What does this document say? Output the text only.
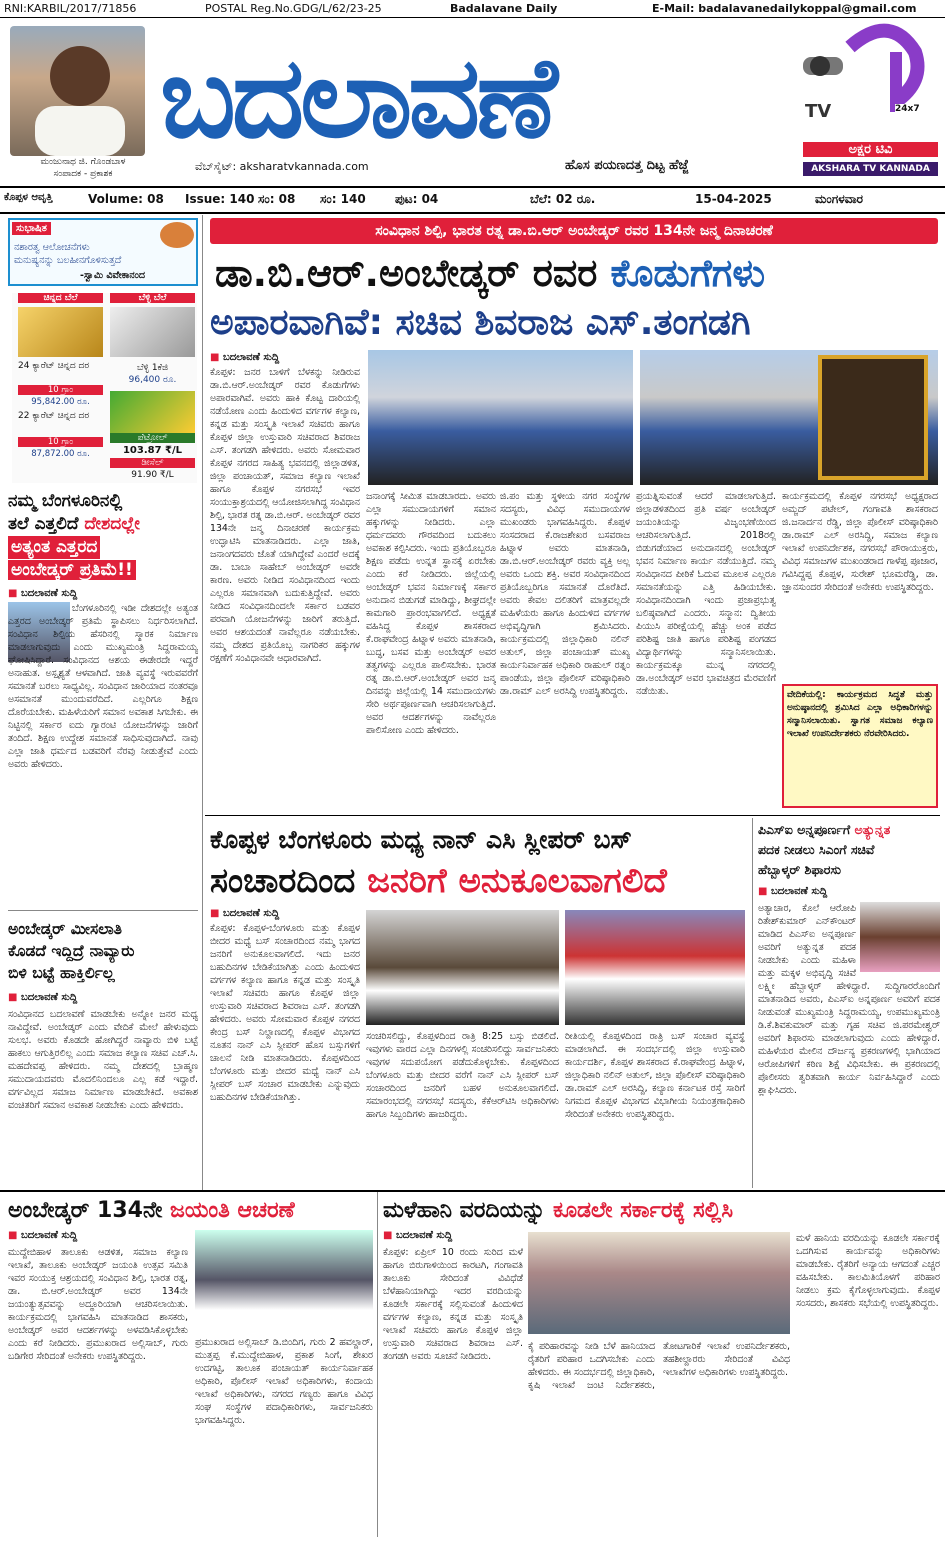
RNI:KARBIL/2017/71856	POSTAL Reg.No.GDG/L/62/23-25	Badalavane Daily	E-Mail: badalavanedailykoppal@gmail.com
ಮಂಜುನಾಥ ಜಿ. ಗೊಂಡಬಾಳ
ಸಂಪಾದಕ - ಪ್ರಕಾಶಕ
ಬದಲಾವಣೆ
ವೆಬ್‌ಸೈಟ್: aksharatvkannada.com	ಹೊಸ ಪಯಣದತ್ತ ದಿಟ್ಟ ಹೆಜ್ಜೆ
TV	24x7
ಅಕ್ಷರ ಟಿವಿ
AKSHARA TV KANNADA
ಕೊಪ್ಪಳ ಆವೃತ್ತಿ	Volume: 08 Issue: 140 ಸಂ: 08 ಸಂ: 140 ಪುಟ: 04	ಬೆಲೆ: 02 ರೂ.	15-04-2025	ಮಂಗಳವಾರ
ಸುಭಾಷಿತ
ನಶಾರತ್ವ ಆಲೋಚನೆಗಳು
ಮನುಷ್ಯನನ್ನು ಬಲಹೀನಗೊಳಿಸುತ್ತದೆ
-ಸ್ವಾಮಿ ವಿವೇಕಾನಂದ
ಚಿನ್ನದ ಬೆಲೆ	ಬೆಳ್ಳಿ ಬೆಲೆ
24 ಕ್ಯಾರೆಟ್ ಚಿನ್ನದ ದರ
10 ಗ್ರಾಂ
95,842.00 ರೂ.
22 ಕ್ಯಾರೆಟ್ ಚಿನ್ನದ ದರ
10 ಗ್ರಾಂ
87,872.00 ರೂ.
ಬೆಳ್ಳಿ 1ಕೆಜಿ
96,400 ರೂ.
ಪೆಟ್ರೋಲ್
103.87 ₹/L
ಡೀಸೆಲ್
91.90 ₹/L
ನಮ್ಮ ಬೆಂಗಳೂರಿನಲ್ಲಿ
ತಲೆ ಎತ್ತಲಿದೆ ದೇಶದಲ್ಲೇ
ಅತ್ಯಂತ ಎತ್ತರದ
ಅಂಬೇಡ್ಕರ್ ಪ್ರತಿಮೆ!!
■ ಬದಲಾವಣೆ ಸುದ್ದಿ
ಬೆಂಗಳೂರಿನಲ್ಲಿ ಇಡೀ ದೇಶದಲ್ಲೇ ಅತ್ಯಂತ ಎತ್ತರದ ಅಂಬೇಡ್ಕರ್ ಪ್ರತಿಮೆ ಸ್ಥಾಪಿಸಲು ನಿರ್ಧರಿಸಲಾಗಿದೆ. ಸಂವಿಧಾನ ಶಿಲ್ಪಿಯ ಹೆಸರಿನಲ್ಲಿ ಸ್ಮಾರಕ ನಿರ್ಮಾಣ ಮಾಡಲಾಗುವುದು ಎಂದು ಮುಖ್ಯಮಂತ್ರಿ ಸಿದ್ದರಾಮಯ್ಯ ಘೋಷಿಸಿದ್ದಾರೆ. ಸಂವಿಧಾನದ ಆಶಯ ಈಡೇರದೇ ಇದ್ದರೆ ಅನಾಹುತ. ಅಸ್ಪೃಶ್ಯತೆ ಆಳವಾಗಿದೆ. ಜಾತಿ ವ್ಯವಸ್ಥೆ ಇರುವವರೆಗೆ ಸಮಾನತೆ ಬರಲು ಸಾಧ್ಯವಿಲ್ಲ. ಸಂವಿಧಾನ ಜಾರಿಯಾದ ನಂತರವೂ ಅಸಮಾನತೆ ಮುಂದುವರೆದಿದೆ. ಎಲ್ಲರಿಗೂ ಶಿಕ್ಷಣ ದೊರೆಯಬೇಕು. ಮಹಿಳೆಯರಿಗೆ ಸಮಾನ ಅವಕಾಶ ಸಿಗಬೇಕು. ಈ ನಿಟ್ಟಿನಲ್ಲಿ ಸರ್ಕಾರ ಐದು ಗ್ಯಾರಂಟಿ ಯೋಜನೆಗಳನ್ನು ಜಾರಿಗೆ ತಂದಿದೆ. ಶಿಕ್ಷಣ ಉದ್ದೇಶ ಸಮಾನತೆ ಸಾಧಿಸುವುದಾಗಿದೆ. ನಾವು ಎಲ್ಲಾ ಜಾತಿ ಧರ್ಮದ ಬಡವರಿಗೆ ನೆರವು ನೀಡುತ್ತೇವೆ ಎಂದು ಅವರು ಹೇಳಿದರು.
ಅಂಬೇಡ್ಕರ್ ಮೀಸಲಾತಿ
ಕೊಡದೆ ಇದ್ದಿದ್ರೆ ನಾವ್ಯಾರು
ಬಿಳಿ ಬಟ್ಟೆ ಹಾಕ್ತಿರ್ಲಿಲ್ಲ
■ ಬದಲಾವಣೆ ಸುದ್ದಿ
ಸಂವಿಧಾನದ ಬದಲಾವಣೆ ಮಾಡಬೇಕು ಅನ್ನೋ ಜನರ ಮಧ್ಯ ನಾವಿದ್ದೇವೆ. ಅಂಬೇಡ್ಕರ್ ಎಂದು ವೇದಿಕೆ ಮೇಲೆ ಹೇಳುವುದು ಸುಲಭ. ಅವರು ಕೊಡದೇ ಹೋಗಿದ್ದರೆ ನಾವ್ಯಾರು ಬಿಳಿ ಬಟ್ಟೆ ಹಾಕಲು ಆಗುತ್ತಿರಲಿಲ್ಲ ಎಂದು ಸಮಾಜ ಕಲ್ಯಾಣ ಸಚಿವ ಎಚ್.ಸಿ. ಮಹದೇವಪ್ಪ ಹೇಳಿದರು. ನಮ್ಮ ದೇಶದಲ್ಲಿ ಬ್ರಾಹ್ಮಣ ಸಮುದಾಯದವರು ಮೊದಲಿನಿಂದಲೂ ಎಲ್ಲ ಕಡೆ ಇದ್ದಾರೆ. ವರ್ಗವಿಲ್ಲದ ಸಮಾಜ ನಿರ್ಮಾಣ ಮಾಡಬೇಕಿದೆ. ಅವಕಾಶ ವಂಚಿತರಿಗೆ ಸಮಾನ ಅವಕಾಶ ನೀಡಬೇಕು ಎಂದು ಹೇಳಿದರು.
ಸಂವಿಧಾನ ಶಿಲ್ಪಿ, ಭಾರತ ರತ್ನ ಡಾ.ಬಿ.ಆರ್ ಅಂಬೇಡ್ಕರ್ ರವರ 134ನೇ ಜನ್ಮ ದಿನಾಚರಣೆ
ಡಾ.ಬಿ.ಆರ್.ಅಂಬೇಡ್ಕರ್ ರವರ ಕೊಡುಗೆಗಳು
ಅಪಾರವಾಗಿವೆ: ಸಚಿವ ಶಿವರಾಜ ಎಸ್.ತಂಗಡಗಿ
■ ಬದಲಾವಣೆ ಸುದ್ದಿ
ಕೊಪ್ಪಳ: ಜನರ ಬಾಳಿಗೆ ಬೆಳಕನ್ನು ನೀಡಿರುವ ಡಾ.ಬಿ.ಆರ್.ಅಂಬೇಡ್ಕರ್ ರವರ ಕೊಡುಗೆಗಳು ಅಪಾರವಾಗಿವೆ. ಅವರು ಹಾಕಿ ಕೊಟ್ಟ ದಾರಿಯಲ್ಲಿ ನಡೆಯೋಣ ಎಂದು ಹಿಂದುಳಿದ ವರ್ಗಗಳ ಕಲ್ಯಾಣ, ಕನ್ನಡ ಮತ್ತು ಸಂಸ್ಕೃತಿ ಇಲಾಖೆ ಸಚಿವರು ಹಾಗೂ ಕೊಪ್ಪಳ ಜಿಲ್ಲಾ ಉಸ್ತುವಾರಿ ಸಚಿವರಾದ ಶಿವರಾಜ ಎಸ್. ತಂಗಡಗಿ ಹೇಳಿದರು. ಅವರು ಸೋಮವಾರ ಕೊಪ್ಪಳ ನಗರದ ಸಾಹಿತ್ಯ ಭವನದಲ್ಲಿ ಜಿಲ್ಲಾಡಳಿತ, ಜಿಲ್ಲಾ ಪಂಚಾಯತ್, ಸಮಾಜ ಕಲ್ಯಾಣ ಇಲಾಖೆ ಹಾಗೂ ಕೊಪ್ಪಳ ನಗರಸಭೆ ಇವರ ಸಂಯುಕ್ತಾಶ್ರಯದಲ್ಲಿ ಆಯೋಜಿಸಲಾಗಿದ್ದ ಸಂವಿಧಾನ ಶಿಲ್ಪಿ, ಭಾರತ ರತ್ನ ಡಾ.ಬಿ.ಆರ್. ಅಂಬೇಡ್ಕರ್ ರವರ 134ನೇ ಜನ್ಮ ದಿನಾಚರಣೆ ಕಾರ್ಯಕ್ರಮ ಉದ್ಘಾಟಿಸಿ ಮಾತನಾಡಿದರು. ಎಲ್ಲಾ ಜಾತಿ, ಜನಾಂಗದವರು ಜೊತೆ ಯಾಗಿದ್ದೇವೆ ಎಂದರೆ ಅದಕ್ಕೆ ಡಾ. ಬಾಬಾ ಸಾಹೇಬ್ ಅಂಬೇಡ್ಕರ್ ಅವರೇ ಕಾರಣ. ಅವರು ನೀಡಿದ ಸಂವಿಧಾನದಿಂದ ಇಂದು ಎಲ್ಲರೂ ಸಮಾನವಾಗಿ ಬದುಕುತ್ತಿದ್ದೇವೆ. ಅವರು ನೀಡಿದ ಸಂವಿಧಾನದಿಂದಲೇ ಸರ್ಕಾರ ಬಡವರ ಪರವಾಗಿ ಯೋಜನೆಗಳನ್ನು ಜಾರಿಗೆ ತರುತ್ತಿದೆ. ಅವರ ಆಶಯದಂತೆ ನಾವೆಲ್ಲರೂ ನಡೆಯಬೇಕು. ನಮ್ಮ ದೇಶದ ಪ್ರತಿಯೊಬ್ಬ ನಾಗರಿಕರ ಹಕ್ಕುಗಳ ರಕ್ಷಣೆಗೆ ಸಂವಿಧಾನವೇ ಆಧಾರವಾಗಿದೆ.
ಜನಾಂಗಕ್ಕೆ ಸೀಮಿತ ಮಾಡಬಾರದು. ಅವರು ಎಲ್ಲಾ ಸಮುದಾಯಗಳಿಗೆ ಸಮಾನ ಹಕ್ಕುಗಳನ್ನು ನೀಡಿದರು. ಎಲ್ಲಾ ಧರ್ಮದವರು ಗೌರವದಿಂದ ಬದುಕಲು ಅವಕಾಶ ಕಲ್ಪಿಸಿದರು. ಇಂದು ಪ್ರತಿಯೊಬ್ಬರೂ ಶಿಕ್ಷಣ ಪಡೆದು ಉನ್ನತ ಸ್ಥಾನಕ್ಕೆ ಏರಬೇಕು ಎಂದು ಕರೆ ನೀಡಿದರು. ಜಿಲ್ಲೆಯಲ್ಲಿ ಅಂಬೇಡ್ಕರ್ ಭವನ ನಿರ್ಮಾಣಕ್ಕೆ ಸರ್ಕಾರ ಅನುದಾನ ಬಿಡುಗಡೆ ಮಾಡಿದ್ದು, ಶೀಘ್ರದಲ್ಲೇ ಕಾಮಗಾರಿ ಪ್ರಾರಂಭವಾಗಲಿದೆ. ಅಧ್ಯಕ್ಷತೆ ವಹಿಸಿದ್ದ ಕೊಪ್ಪಳ ಶಾಸಕರಾದ ಕೆ.ರಾಘವೇಂದ್ರ ಹಿಟ್ನಾಳ ಅವರು ಮಾತನಾಡಿ, ಬುದ್ಧ, ಬಸವ ಮತ್ತು ಅಂಬೇಡ್ಕರ್ ಅವರ ತತ್ವಗಳನ್ನು ಎಲ್ಲರೂ ಪಾಲಿಸಬೇಕು. ಭಾರತ ರತ್ನ ಡಾ.ಬಿ.ಆರ್.ಅಂಬೇಡ್ಕರ್ ಅವರ ಜನ್ಮ ದಿನವನ್ನು ಜಿಲ್ಲೆಯಲ್ಲಿ 14 ಸಮುದಾಯಗಳು ಸೇರಿ ಅರ್ಥಪೂರ್ಣವಾಗಿ ಆಚರಿಸಲಾಗುತ್ತಿದೆ. ಅವರ ಆದರ್ಶಗಳನ್ನು ನಾವೆಲ್ಲರೂ ಪಾಲಿಸೋಣ ಎಂದು ಹೇಳಿದರು.
ಜಿ.ಪಂ ಮತ್ತು ಸ್ಥಳೀಯ ನಗರ ಸಂಸ್ಥೆಗಳ ಸದಸ್ಯರು, ವಿವಿಧ ಸಮುದಾಯಗಳ ಮುಖಂಡರು ಭಾಗವಹಿಸಿದ್ದರು. ಕೊಪ್ಪಳ ಸಂಸದರಾದ ಕೆ.ರಾಜಶೇಖರ ಬಸವರಾಜ ಹಿಟ್ನಾಳ ಅವರು ಮಾತನಾಡಿ, ಡಾ.ಬಿ.ಆರ್.ಅಂಬೇಡ್ಕರ್ ರವರು ವ್ಯಕ್ತಿ ಅಲ್ಲ ಅವರು ಒಂದು ಶಕ್ತಿ. ಅವರ ಸಂವಿಧಾನದಿಂದ ಪ್ರತಿಯೊಬ್ಬರಿಗೂ ಸಮಾನತೆ ದೊರೆತಿದೆ. ಅವರು ಕೇವಲ ದಲಿತರಿಗೆ ಮಾತ್ರವಲ್ಲದೇ ಮಹಿಳೆಯರು ಹಾಗೂ ಹಿಂದುಳಿದ ವರ್ಗಗಳ ಅಭಿವೃದ್ಧಿಗಾಗಿ ಶ್ರಮಿಸಿದರು. ಕಾರ್ಯಕ್ರಮದಲ್ಲಿ ಜಿಲ್ಲಾಧಿಕಾರಿ ನಲಿನ್ ಅತುಲ್, ಜಿಲ್ಲಾ ಪಂಚಾಯತ್ ಮುಖ್ಯ ಕಾರ್ಯನಿರ್ವಾಹಕ ಅಧಿಕಾರಿ ರಾಹುಲ್ ರತ್ನಂ ಪಾಂಡೆಯ, ಜಿಲ್ಲಾ ಪೊಲೀಸ್ ವರಿಷ್ಠಾಧಿಕಾರಿ ಡಾ.ರಾಮ್ ಎಲ್ ಅರಸಿದ್ದಿ ಉಪಸ್ಥಿತರಿದ್ದರು.
ಪ್ರಯತ್ನಿಸುವಂತೆ ಆದರೆ ಮಾಡಲಾಗುತ್ತಿದೆ. ಜಿಲ್ಲಾಡಳಿತದಿಂದ ಪ್ರತಿ ವರ್ಷ ಅಂಬೇಡ್ಕರ್ ಜಯಂತಿಯನ್ನು ವಿಜೃಂಭಣೆಯಿಂದ ಆಚರಿಸಲಾಗುತ್ತಿದೆ. 2018ರಲ್ಲಿ ಬಿಡುಗಡೆಯಾದ ಅನುದಾನದಲ್ಲಿ ಅಂಬೇಡ್ಕರ್ ಭವನ ನಿರ್ಮಾಣ ಕಾರ್ಯ ನಡೆಯುತ್ತಿದೆ. ನಮ್ಮ ಸಂವಿಧಾನದ ಪೀಠಿಕೆ ಓದುವ ಮೂಲಕ ಎಲ್ಲರೂ ಸಮಾನತೆಯನ್ನು ಎತ್ತಿ ಹಿಡಿಯಬೇಕು. ಸಂವಿಧಾನದಿಂದಾಗಿ ಇಂದು ಪ್ರಜಾಪ್ರಭುತ್ವ ಬಲಿಷ್ಠವಾಗಿದೆ ಎಂದರು. ಸನ್ಮಾನ: ದ್ವಿತೀಯ ಪಿಯುಸಿ ಪರೀಕ್ಷೆಯಲ್ಲಿ ಹೆಚ್ಚು ಅಂಕ ಪಡೆದ ಪರಿಶಿಷ್ಟ ಜಾತಿ ಹಾಗೂ ಪರಿಶಿಷ್ಟ ಪಂಗಡದ ವಿದ್ಯಾರ್ಥಿಗಳನ್ನು ಸನ್ಮಾನಿಸಲಾಯಿತು. ಕಾರ್ಯಕ್ರಮಕ್ಕೂ ಮುನ್ನ ನಗರದಲ್ಲಿ ಡಾ.ಅಂಬೇಡ್ಕರ್ ಅವರ ಭಾವಚಿತ್ರದ ಮೆರವಣಿಗೆ ನಡೆಯಿತು.
ಕಾರ್ಯಕ್ರಮದಲ್ಲಿ ಕೊಪ್ಪಳ ನಗರಸಭೆ ಅಧ್ಯಕ್ಷರಾದ ಅಮ್ಜದ್ ಪಟೇಲ್, ಗಂಗಾವತಿ ಶಾಸಕರಾದ ಜಿ.ಜನಾರ್ದನ ರೆಡ್ಡಿ, ಜಿಲ್ಲಾ ಪೊಲೀಸ್ ವರಿಷ್ಠಾಧಿಕಾರಿ ಡಾ.ರಾಮ್ ಎಲ್ ಅರಸಿದ್ದಿ, ಸಮಾಜ ಕಲ್ಯಾಣ ಇಲಾಖೆ ಉಪನಿರ್ದೇಶಕ, ನಗರಸಭೆ ಪೌರಾಯುಕ್ತರು, ವಿವಿಧ ಸಮಾಜಗಳ ಮುಖಂಡರಾದ ಗಾಳೆಪ್ಪ ಪೂಜಾರ, ಗವಿಸಿದ್ದಪ್ಪ ಕೊಪ್ಪಳ, ಸುರೇಶ್ ಭೂಮರೆಡ್ಡಿ, ಡಾ. ಜ್ಞಾನಸುಂದರ ಸೇರಿದಂತೆ ಅನೇಕರು ಉಪಸ್ಥಿತರಿದ್ದರು.
ವೇದಿಕೆಯಲ್ಲಿ: ಕಾರ್ಯಕ್ರಮದ ಸಿದ್ಧತೆ ಮತ್ತು ಅನುಷ್ಠಾನದಲ್ಲಿ ಶ್ರಮಿಸಿದ ಎಲ್ಲಾ ಅಧಿಕಾರಿಗಳನ್ನು ಸನ್ಮಾನಿಸಲಾಯಿತು. ಸ್ವಾಗತ ಸಮಾಜ ಕಲ್ಯಾಣ ಇಲಾಖೆ ಉಪನಿರ್ದೇಶಕರು ನೆರವೇರಿಸಿದರು.
ಕೊಪ್ಪಳ ಬೆಂಗಳೂರು ಮಧ್ಯ ನಾನ್ ಎಸಿ ಸ್ಲೀಪರ್ ಬಸ್
ಸಂಚಾರದಿಂದ ಜನರಿಗೆ ಅನುಕೂಲವಾಗಲಿದೆ
■ ಬದಲಾವಣೆ ಸುದ್ದಿ
ಕೊಪ್ಪಳ: ಕೊಪ್ಪಳ-ಬೆಂಗಳೂರು ಮತ್ತು ಕೊಪ್ಪಳ ಬೀದರ ಮಧ್ಯೆ ಬಸ್ ಸಂಚಾರದಿಂದ ನಮ್ಮ ಭಾಗದ ಜನರಿಗೆ ಅನುಕೂಲವಾಗಲಿದೆ. ಇದು ಜನರ ಬಹುದಿನಗಳ ಬೇಡಿಕೆಯಾಗಿತ್ತು ಎಂದು ಹಿಂದುಳಿದ ವರ್ಗಗಳ ಕಲ್ಯಾಣ ಹಾಗೂ ಕನ್ನಡ ಮತ್ತು ಸಂಸ್ಕೃತಿ ಇಲಾಖೆ ಸಚಿವರು ಹಾಗೂ ಕೊಪ್ಪಳ ಜಿಲ್ಲಾ ಉಸ್ತುವಾರಿ ಸಚಿವರಾದ ಶಿವರಾಜ ಎಸ್. ತಂಗಡಗಿ ಹೇಳಿದರು. ಅವರು ಸೋಮವಾರ ಕೊಪ್ಪಳ ನಗರದ ಕೇಂದ್ರ ಬಸ್ ನಿಲ್ದಾಣದಲ್ಲಿ ಕೊಪ್ಪಳ ವಿಭಾಗದ ನೂತನ ನಾನ್ ಎಸಿ ಸ್ಲೀಪರ್ ಹೊಸ ಬಸ್ಸುಗಳಿಗೆ ಚಾಲನೆ ನೀಡಿ ಮಾತನಾಡಿದರು. ಕೊಪ್ಪಳದಿಂದ ಬೆಂಗಳೂರು ಮತ್ತು ಬೀದರ ಮಧ್ಯೆ ನಾನ್ ಎಸಿ ಸ್ಲೀಪರ್ ಬಸ್ ಸಂಚಾರ ಮಾಡಬೇಕು ಎನ್ನುವುದು ಬಹುದಿನಗಳ ಬೇಡಿಕೆಯಾಗಿತ್ತು.
ಸಂಚರಿಸಲಿದ್ದು, ಕೊಪ್ಪಳದಿಂದ ರಾತ್ರಿ 8:25 ಬಸ್ಸು ಬಿಡಲಿದೆ. ಇವುಗಳು ವಾರದ ಎಲ್ಲಾ ದಿನಗಳಲ್ಲಿ ಸಂಚರಿಸಲಿದ್ದು ಸಾರ್ವಜನಿಕರು ಇವುಗಳ ಸದುಪಯೋಗ ಪಡೆದುಕೊಳ್ಳಬೇಕು. ಕೊಪ್ಪಳದಿಂದ ಬೆಂಗಳೂರು ಮತ್ತು ಬೀದರ ವರೆಗೆ ನಾನ್ ಎಸಿ ಸ್ಲೀಪರ್ ಬಸ್ ಸಂಚಾರದಿಂದ ಜನರಿಗೆ ಬಹಳ ಅನುಕೂಲವಾಗಲಿದೆ. ಸಮಾರಂಭದಲ್ಲಿ ನಗರಸಭೆ ಸದಸ್ಯರು, ಕೆಕೆಆರ್‌ಟಿಸಿ ಅಧಿಕಾರಿಗಳು ಹಾಗೂ ಸಿಬ್ಬಂದಿಗಳು ಹಾಜರಿದ್ದರು.
ರೀತಿಯಲ್ಲಿ ಕೊಪ್ಪಳದಿಂದ ರಾತ್ರಿ ಬಸ್ ಸಂಚಾರ ವ್ಯವಸ್ಥೆ ಮಾಡಲಾಗಿದೆ. ಈ ಸಂದರ್ಭದಲ್ಲಿ ಜಿಲ್ಲಾ ಉಸ್ತುವಾರಿ ಕಾರ್ಯದರ್ಶಿ, ಕೊಪ್ಪಳ ಶಾಸಕರಾದ ಕೆ.ರಾಘವೇಂದ್ರ ಹಿಟ್ನಾಳ, ಜಿಲ್ಲಾಧಿಕಾರಿ ನಲಿನ್ ಅತುಲ್, ಜಿಲ್ಲಾ ಪೊಲೀಸ್ ವರಿಷ್ಠಾಧಿಕಾರಿ ಡಾ.ರಾಮ್ ಎಲ್ ಅರಸಿದ್ದಿ, ಕಲ್ಯಾಣ ಕರ್ನಾಟಕ ರಸ್ತೆ ಸಾರಿಗೆ ನಿಗಮದ ಕೊಪ್ಪಳ ವಿಭಾಗದ ವಿಭಾಗೀಯ ನಿಯಂತ್ರಣಾಧಿಕಾರಿ ಸೇರಿದಂತೆ ಅನೇಕರು ಉಪಸ್ಥಿತರಿದ್ದರು.
ಪಿಎಸ್‌ಐ ಅನ್ನಪೂರ್ಣಗೆ ಅತ್ಯುನ್ನತ
ಪದಕ ನೀಡಲು ಸಿಎಂಗೆ ಸಚಿವೆ
ಹೆಬ್ಬಾಳ್ಕರ್ ಶಿಫಾರಸು
■ ಬದಲಾವಣೆ ಸುದ್ದಿ
ಅತ್ಯಾಚಾರ, ಕೊಲೆ ಆರೋಪಿ ರಿತೇಶ್‌ಕುಮಾರ್ ಎನ್‌ಕೌಂಟರ್ ಮಾಡಿದ ಪಿಎಸ್‌ಐ ಅನ್ನಪೂರ್ಣ ಅವರಿಗೆ ಅತ್ಯುನ್ನತ ಪದಕ ನೀಡಬೇಕು ಎಂದು ಮಹಿಳಾ ಮತ್ತು ಮಕ್ಕಳ ಅಭಿವೃದ್ಧಿ ಸಚಿವೆ ಲಕ್ಷ್ಮೀ ಹೆಬ್ಬಾಳ್ಕರ್ ಹೇಳಿದ್ದಾರೆ. ಸುದ್ದಿಗಾರರೊಂದಿಗೆ ಮಾತನಾಡಿದ ಅವರು, ಪಿಎಸ್‌ಐ ಅನ್ನಪೂರ್ಣ ಅವರಿಗೆ ಪದಕ ನೀಡುವಂತೆ ಮುಖ್ಯಮಂತ್ರಿ ಸಿದ್ದರಾಮಯ್ಯ, ಉಪಮುಖ್ಯಮಂತ್ರಿ ಡಿ.ಕೆ.ಶಿವಕುಮಾರ್ ಮತ್ತು ಗೃಹ ಸಚಿವ ಜಿ.ಪರಮೇಶ್ವರ್ ಅವರಿಗೆ ಶಿಫಾರಸು ಮಾಡಲಾಗುವುದು ಎಂದು ಹೇಳಿದ್ದಾರೆ. ಮಹಿಳೆಯರ ಮೇಲಿನ ದೌರ್ಜನ್ಯ ಪ್ರಕರಣಗಳಲ್ಲಿ ಭಾಗಿಯಾದ ಆರೋಪಿಗಳಿಗೆ ಕಠಿಣ ಶಿಕ್ಷೆ ವಿಧಿಸಬೇಕು. ಈ ಪ್ರಕರಣದಲ್ಲಿ ಪೊಲೀಸರು ತ್ವರಿತವಾಗಿ ಕಾರ್ಯ ನಿರ್ವಹಿಸಿದ್ದಾರೆ ಎಂದು ಶ್ಲಾಘಿಸಿದರು.
ಅಂಬೇಡ್ಕರ್ 134ನೇ ಜಯಂತಿ ಆಚರಣೆ
■ ಬದಲಾವಣೆ ಸುದ್ದಿ
ಮುದ್ದೇಬಿಹಾಳ ತಾಲೂಕು ಆಡಳಿತ, ಸಮಾಜ ಕಲ್ಯಾಣ ಇಲಾಖೆ, ತಾಲೂಕು ಅಂಬೇಡ್ಕರ್ ಜಯಂತಿ ಉತ್ಸವ ಸಮಿತಿ ಇವರ ಸಂಯುಕ್ತ ಆಶ್ರಯದಲ್ಲಿ ಸಂವಿಧಾನ ಶಿಲ್ಪಿ, ಭಾರತ ರತ್ನ, ಡಾ. ಬಿ.ಆರ್.ಅಂಬೇಡ್ಕರ್ ಅವರ 134ನೇ ಜಯಂತ್ಯುತ್ಸವವನ್ನು ಅದ್ಧೂರಿಯಾಗಿ ಆಚರಿಸಲಾಯಿತು. ಕಾರ್ಯಕ್ರಮದಲ್ಲಿ ಭಾಗವಹಿಸಿ ಮಾತನಾಡಿದ ಶಾಸಕರು, ಅಂಬೇಡ್ಕರ್ ಅವರ ಆದರ್ಶಗಳನ್ನು ಅಳವಡಿಸಿಕೊಳ್ಳಬೇಕು ಎಂದು ಕರೆ ನೀಡಿದರು. ಪ್ರಮುಖರಾದ ಅಲ್ಲಿಸಾಬ್, ಗುರು ಬಡಿಗೇರ ಸೇರಿದಂತೆ ಅನೇಕರು ಉಪಸ್ಥಿತರಿದ್ದರು.
ಪ್ರಮುಖರಾದ ಅಲ್ಲಿಸಾಬ್ ಡಿ.ಬಿಂದಿಗ, ಗುರು 2 ಹವಲ್ದಾರ್, ಮುತ್ತಪ್ಪ ಕೆ.ಮುದ್ದೇಬಿಹಾಳ, ಪ್ರಕಾಶ ಸಿಂಗೆ, ಶೇಖರ ಉದಗಟ್ಟಿ, ತಾಲೂಕ ಪಂಚಾಯತ್ ಕಾರ್ಯನಿರ್ವಾಹಕ ಅಧಿಕಾರಿ, ಪೊಲೀಸ್ ಇಲಾಖೆ ಅಧಿಕಾರಿಗಳು, ಕಂದಾಯ ಇಲಾಖೆ ಅಧಿಕಾರಿಗಳು, ನಗರದ ಗಣ್ಯರು ಹಾಗೂ ವಿವಿಧ ಸಂಘ ಸಂಸ್ಥೆಗಳ ಪದಾಧಿಕಾರಿಗಳು, ಸಾರ್ವಜನಿಕರು ಭಾಗವಹಿಸಿದ್ದರು.
ಮಳೆಹಾನಿ ವರದಿಯನ್ನು ಕೂಡಲೇ ಸರ್ಕಾರಕ್ಕೆ ಸಲ್ಲಿಸಿ
■ ಬದಲಾವಣೆ ಸುದ್ದಿ
ಕೊಪ್ಪಳ: ಏಪ್ರಿಲ್ 10 ರಂದು ಸುರಿದ ಮಳೆ ಹಾಗೂ ಬಿರುಗಾಳಿಯಿಂದ ಕಾರಟಗಿ, ಗಂಗಾವತಿ ತಾಲೂಕು ಸೇರಿದಂತೆ ವಿವಿಧೆಡೆ ಬೆಳೆಹಾನಿಯಾಗಿದ್ದು ಇದರ ವರದಿಯನ್ನು ಕೂಡಲೇ ಸರ್ಕಾರಕ್ಕೆ ಸಲ್ಲಿಸುವಂತೆ ಹಿಂದುಳಿದ ವರ್ಗಗಳ ಕಲ್ಯಾಣ, ಕನ್ನಡ ಮತ್ತು ಸಂಸ್ಕೃತಿ ಇಲಾಖೆ ಸಚಿವರು ಹಾಗೂ ಕೊಪ್ಪಳ ಜಿಲ್ಲಾ ಉಸ್ತುವಾರಿ ಸಚಿವರಾದ ಶಿವರಾಜ ಎಸ್. ತಂಗಡಗಿ ಅವರು ಸೂಚನೆ ನೀಡಿದರು.
ಕೈ ಪರಿಹಾರವನ್ನು ನೀಡಿ ಬೆಳೆ ಹಾನಿಯಾದ ರೈತರಿಗೆ ಪರಿಹಾರ ಒದಗಿಸಬೇಕು ಎಂದು ಹೇಳಿದರು. ಈ ಸಂದರ್ಭದಲ್ಲಿ ಜಿಲ್ಲಾಧಿಕಾರಿ, ಕೃಷಿ ಇಲಾಖೆ ಜಂಟಿ ನಿರ್ದೇಶಕರು, ತೋಟಗಾರಿಕೆ ಇಲಾಖೆ ಉಪನಿರ್ದೇಶಕರು, ತಹಶೀಲ್ದಾರರು ಸೇರಿದಂತೆ ವಿವಿಧ ಇಲಾಖೆಗಳ ಅಧಿಕಾರಿಗಳು ಉಪಸ್ಥಿತರಿದ್ದರು.
ಮಳೆ ಹಾನಿಯ ವರದಿಯನ್ನು ಕೂಡಲೇ ಸರ್ಕಾರಕ್ಕೆ ಒದಗಿಸುವ ಕಾರ್ಯವನ್ನು ಅಧಿಕಾರಿಗಳು ಮಾಡಬೇಕು. ರೈತರಿಗೆ ಅನ್ಯಾಯ ಆಗದಂತೆ ಎಚ್ಚರ ವಹಿಸಬೇಕು. ಕಾಲಮಿತಿಯೊಳಗೆ ಪರಿಹಾರ ನೀಡಲು ಕ್ರಮ ಕೈಗೊಳ್ಳಲಾಗುವುದು. ಕೊಪ್ಪಳ ಸಂಸದರು, ಶಾಸಕರು ಸಭೆಯಲ್ಲಿ ಉಪಸ್ಥಿತರಿದ್ದರು.
